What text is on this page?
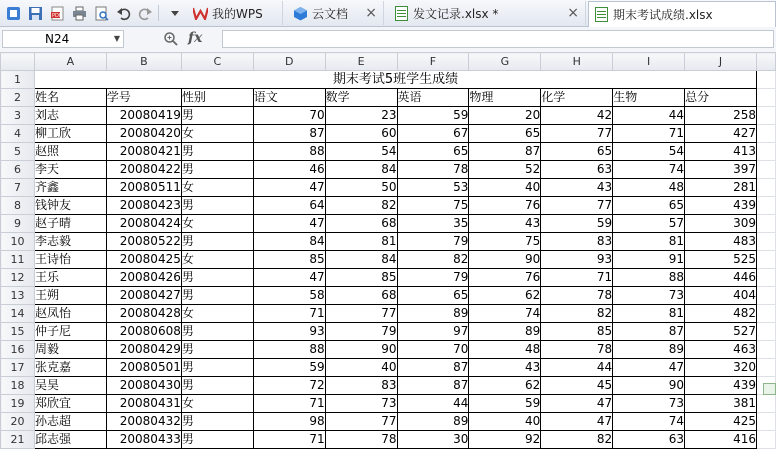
PDF	我的WPS	云文档 ×	发文记录.xlsx *	×	期末考试成绩.xlsx
N24	▼	fx
	A	B	C	D	E	F	G	H	I	J	
1	期末考试5班学生成绩										
2	姓名	学号	性别	语文	数学	英语	物理	化学	生物	总分	
3	刘志	20080419	男	70	23	59	20	42	44	258	
4	柳工欣	20080420	女	87	60	67	65	77	71	427	
5	赵照	20080421	男	88	54	65	87	65	54	413	
6	李天	20080422	男	46	84	78	52	63	74	397	
7	齐鑫	20080511	女	47	50	53	40	43	48	281	
8	钱钟友	20080423	男	64	82	75	76	77	65	439	
9	赵子晴	20080424	女	47	68	35	43	59	57	309	
10	李志毅	20080522	男	84	81	79	75	83	81	483	
11	王诗怡	20080425	女	85	84	82	90	93	91	525	
12	王乐	20080426	男	47	85	79	76	71	88	446	
13	王朔	20080427	男	58	68	65	62	78	73	404	
14	赵凤怡	20080428	女	71	77	89	74	82	81	482	
15	仲子尼	20080608	男	93	79	97	89	85	87	527	
16	周毅	20080429	男	88	90	70	48	78	89	463	
17	张克嘉	20080501	男	59	40	87	43	44	47	320	
18	吴昊	20080430	男	72	83	87	62	45	90	439	
19	郑欣宜	20080431	女	71	73	44	59	47	73	381	
20	孙志超	20080432	男	98	77	89	40	47	74	425	
21	邱志强	20080433	男	71	78	30	92	82	63	416	
